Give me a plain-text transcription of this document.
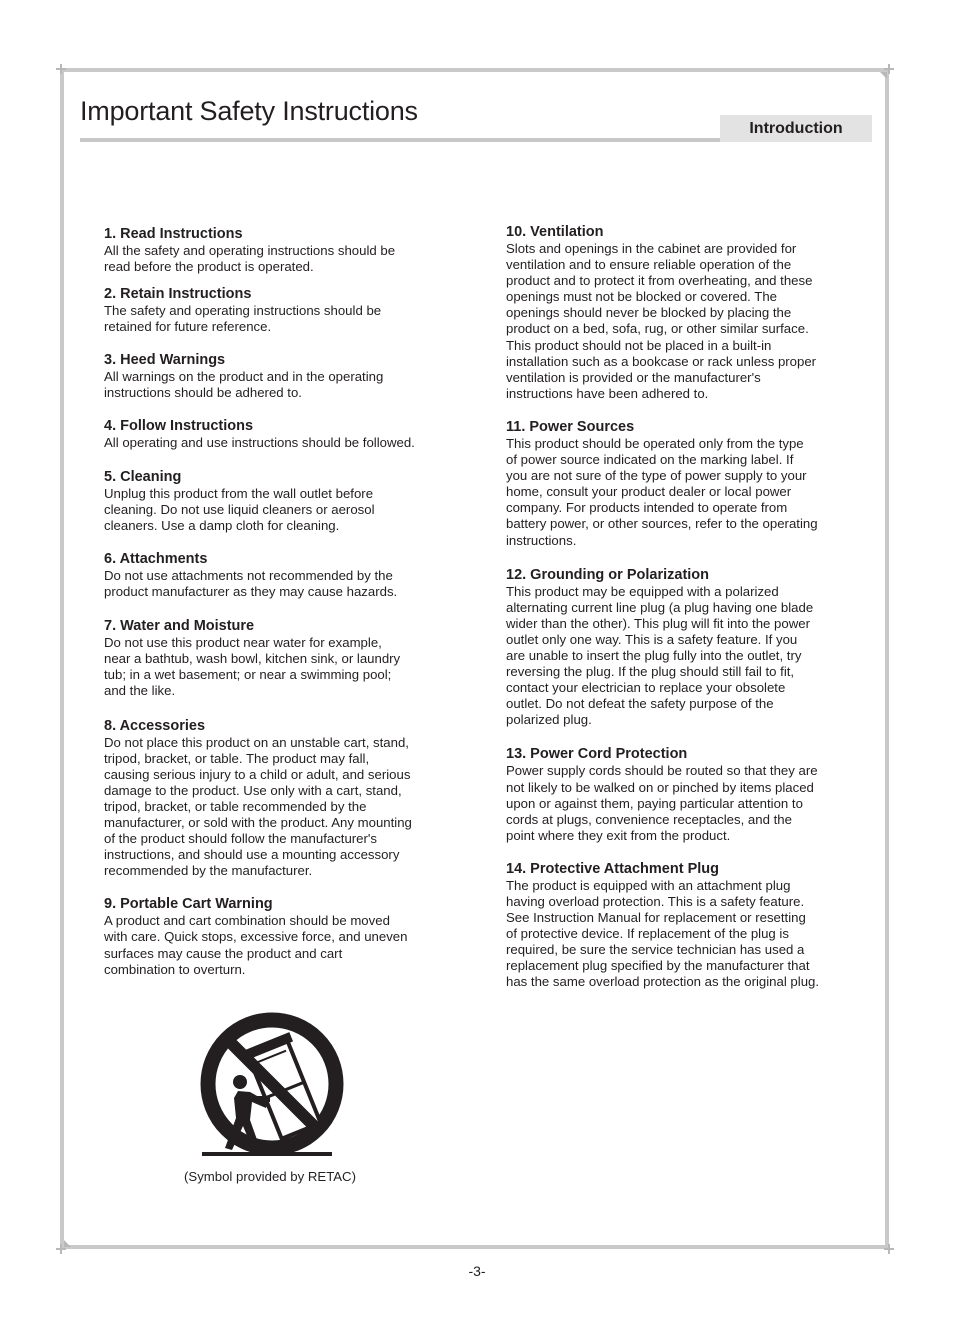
Important Safety Instructions
Introduction
1. Read Instructions

All the safety and operating instructions should be
read before the product is operated.

2. Retain Instructions

The safety and operating instructions should be
retained for future reference.

3. Heed Warnings

All warnings on the product and in the operating
instructions should be adhered to.

4. Follow Instructions

All operating and use instructions should be followed.

5. Cleaning

Unplug this product from the wall outlet before
cleaning. Do not use liquid cleaners or aerosol
cleaners. Use a damp cloth for cleaning.

6. Attachments

Do not use attachments not recommended by the
product manufacturer as they may cause hazards.

7. Water and Moisture

Do not use this product near water for example,
near a bathtub, wash bowl, kitchen sink, or laundry
tub; in a wet basement; or near a swimming pool;
and the like.

8. Accessories

Do not place this product on an unstable cart, stand,
tripod, bracket, or table. The product may fall,
causing serious injury to a child or adult, and serious
damage to the product. Use only with a cart, stand,
tripod, bracket, or table recommended by the
manufacturer, or sold with the product. Any mounting
of the product should follow the manufacturer's
instructions, and should use a mounting accessory
recommended by the manufacturer.

9. Portable Cart Warning

A product and cart combination should be moved
with care. Quick stops, excessive force, and uneven
surfaces may cause the product and cart
combination to overturn.

10. Ventilation

Slots and openings in the cabinet are provided for
ventilation and to ensure reliable operation of the
product and to protect it from overheating, and these
openings must not be blocked or covered. The
openings should never be blocked by placing the
product on a bed, sofa, rug, or other similar surface.
This product should not be placed in a built-in
installation such as a bookcase or rack unless proper
ventilation is provided or the manufacturer's
instructions have been adhered to.

11. Power Sources

This product should be operated only from the type
of power source indicated on the marking label. If
you are not sure of the type of power supply to your
home, consult your product dealer or local power
company. For products intended to operate from
battery power, or other sources, refer to the operating
instructions.

12. Grounding or Polarization

This product may be equipped with a polarized
alternating current line plug (a plug having one blade
wider than the other). This plug will fit into the power
outlet only one way. This is a safety feature. If you
are unable to insert the plug fully into the outlet, try
reversing the plug. If the plug should still fail to fit,
contact your electrician to replace your obsolete
outlet. Do not defeat the safety purpose of the
polarized plug.

13. Power Cord Protection

Power supply cords should be routed so that they are
not likely to be walked on or pinched by items placed
upon or against them, paying particular attention to
cords at plugs, convenience receptacles, and the
point where they exit from the product.

14. Protective Attachment Plug

The product is equipped with an attachment plug
having overload protection. This is a safety feature.
See Instruction Manual for replacement or resetting
of protective device. If replacement of the plug is
required, be sure the service technician has used a
replacement plug specified by the manufacturer that
has the same overload protection as the original plug.

(Symbol provided by RETAC)
-3-
